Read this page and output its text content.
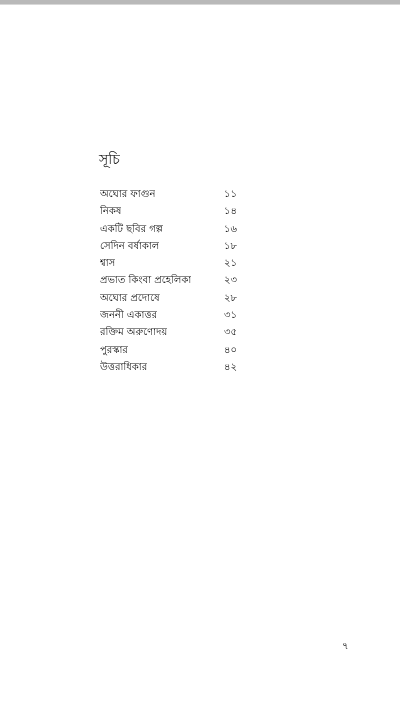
সূচি
অঘোর ফাগুন	১১
নিকষ	১৪
একটি ছবির গল্প	১৬
সেদিন বর্ষাকাল	১৮
শ্বাস	২১
প্রভাত কিংবা প্রহেলিকা	২৩
অঘোর প্রদোষে	২৮
জননী একাত্তর	৩১
রক্তিম অরুণোদয়	৩৫
পুরস্কার	৪০
উত্তরাধিকার	৪২
৭
